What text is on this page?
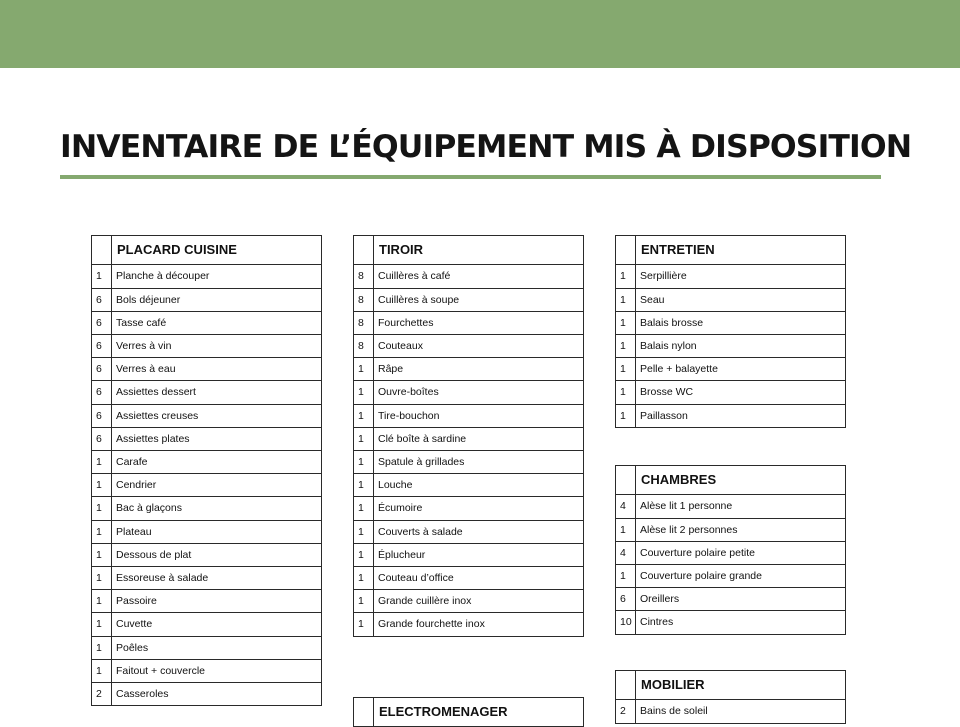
INVENTAIRE DE L’ÉQUIPEMENT MIS À DISPOSITION
	PLACARD CUISINE
1	Planche à découper
6	Bols déjeuner
6	Tasse café
6	Verres à vin
6	Verres à eau
6	Assiettes dessert
6	Assiettes creuses
6	Assiettes plates
1	Carafe
1	Cendrier
1	Bac à glaçons
1	Plateau
1	Dessous de plat
1	Essoreuse à salade
1	Passoire
1	Cuvette
1	Poêles
1	Faitout + couvercle
2	Casseroles
	TIROIR
8	Cuillères à café
8	Cuillères à soupe
8	Fourchettes
8	Couteaux
1	Râpe
1	Ouvre-boîtes
1	Tire-bouchon
1	Clé boîte à sardine
1	Spatule à grillades
1	Louche
1	Écumoire
1	Couverts à salade
1	Éplucheur
1	Couteau d’office
1	Grande cuillère inox
1	Grande fourchette inox
	ELECTROMENAGER
	ENTRETIEN
1	Serpillière
1	Seau
1	Balais brosse
1	Balais nylon
1	Pelle + balayette
1	Brosse WC
1	Paillasson
	CHAMBRES
4	Alèse lit 1 personne
1	Alèse lit 2 personnes
4	Couverture polaire petite
1	Couverture polaire grande
6	Oreillers
10	Cintres
	MOBILIER
2	Bains de soleil
